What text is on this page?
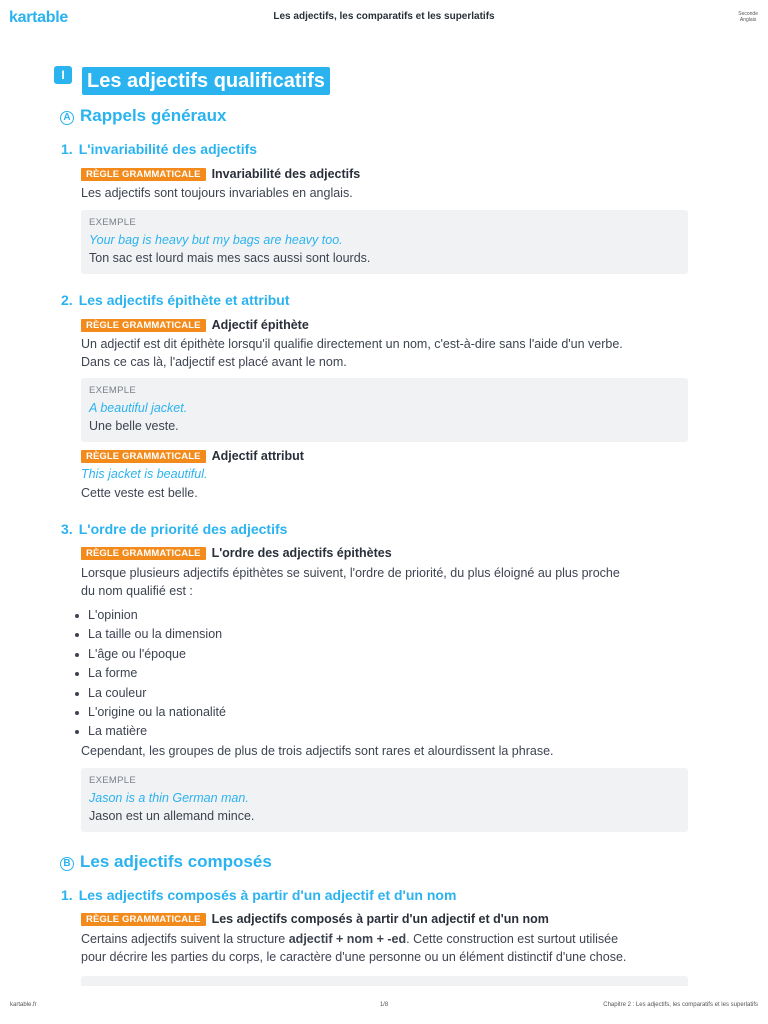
kartable	Les adjectifs, les comparatifs et les superlatifs	Seconde
Anglais
I	Les adjectifs qualificatifs
A Rappels généraux
1. L'invariabilité des adjectifs
RÈGLE GRAMMATICALE Invariabilité des adjectifs
Les adjectifs sont toujours invariables en anglais.
EXEMPLE
Your bag is heavy but my bags are heavy too.
Ton sac est lourd mais mes sacs aussi sont lourds.
2. Les adjectifs épithète et attribut
RÈGLE GRAMMATICALE Adjectif épithète
Un adjectif est dit épithète lorsqu'il qualifie directement un nom, c'est-à-dire sans l'aide d'un verbe.
Dans ce cas là, l'adjectif est placé avant le nom.
EXEMPLE
A beautiful jacket.
Une belle veste.
RÈGLE GRAMMATICALE Adjectif attribut
This jacket is beautiful.
Cette veste est belle.
3. L'ordre de priorité des adjectifs
RÈGLE GRAMMATICALE L'ordre des adjectifs épithètes
Lorsque plusieurs adjectifs épithètes se suivent, l'ordre de priorité, du plus éloigné au plus proche
du nom qualifié est :
L'opinion
La taille ou la dimension
L'âge ou l'époque
La forme
La couleur
L'origine ou la nationalité
La matière
Cependant, les groupes de plus de trois adjectifs sont rares et alourdissent la phrase.
EXEMPLE
Jason is a thin German man.
Jason est un allemand mince.
B Les adjectifs composés
1. Les adjectifs composés à partir d'un adjectif et d'un nom
RÈGLE GRAMMATICALE Les adjectifs composés à partir d'un adjectif et d'un nom
Certains adjectifs suivent la structure adjectif + nom + -ed. Cette construction est surtout utilisée
pour décrire les parties du corps, le caractère d'une personne ou un élément distinctif d'une chose.
kartable.fr	1/8	Chapitre 2 : Les adjectifs, les comparatifs et les superlatifs
